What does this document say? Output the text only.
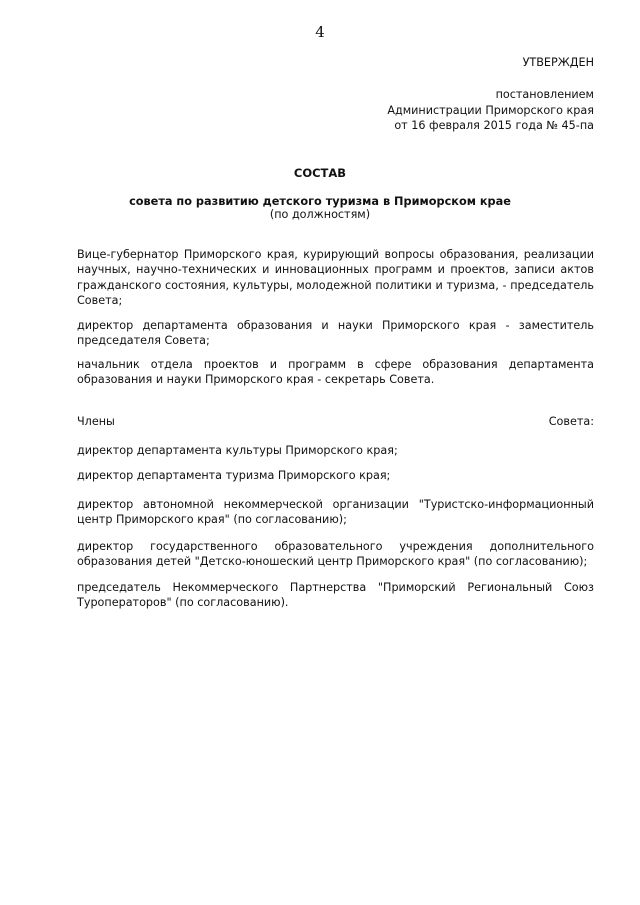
4
УТВЕРЖДЕН
постановлением
Администрации Приморского края
от 16 февраля 2015 года № 45-па
СОСТАВ
совета по развитию детского туризма в Приморском крае
(по должностям)

Вице-губернатор Приморского края, курирующий вопросы образования, реализации научных, научно-технических и инновационных программ и проектов, записи актов гражданского состояния, культуры, молодежной политики и туризма, - председатель Совета;

директор департамента образования и науки Приморского края - заместитель председателя Совета;

начальник отдела проектов и программ в сфере образования департамента образования и науки Приморского края - секретарь Совета.

Члены	Совета:

директор департамента культуры Приморского края;

директор департамента туризма Приморского края;

директор автономной некоммерческой организации "Туристско-информационный центр Приморского края" (по согласованию);

директор государственного образовательного учреждения дополнительного образования детей "Детско-юношеский центр Приморского края" (по согласованию);

председатель Некоммерческого Партнерства "Приморский Региональный Союз Туроператоров" (по согласованию).
